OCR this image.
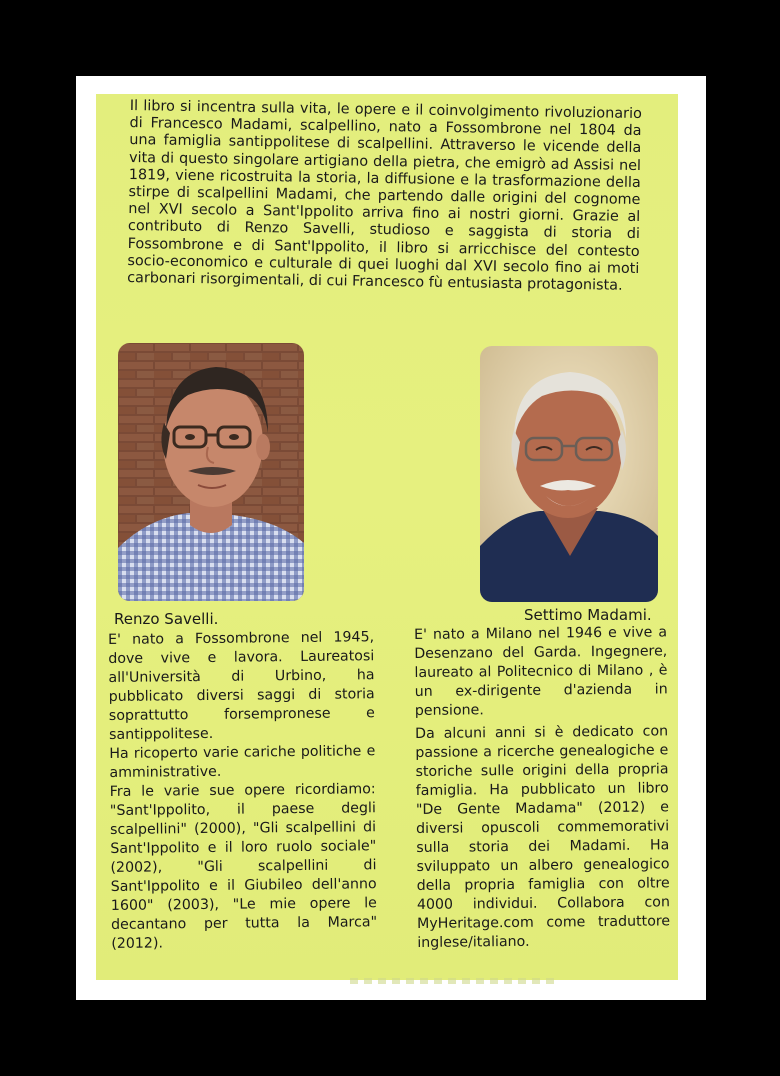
Il libro si incentra sulla vita, le opere e il coinvolgimento rivoluzionario di Francesco Madami, scalpellino, nato a Fossombrone nel 1804 da una famiglia santippolitese di scalpellini. Attraverso le vicende della vita di questo singolare artigiano della pietra, che emigrò ad Assisi nel 1819, viene ricostruita la storia, la diffusione e la trasformazione della stirpe di scalpellini Madami, che partendo dalle origini del cognome nel XVI secolo a Sant'Ippolito arriva fino ai nostri giorni. Grazie al contributo di Renzo Savelli, studioso e saggista di storia di Fossombrone e di Sant'Ippolito, il libro si arricchisce del contesto socio-economico e culturale di quei luoghi dal XVI secolo fino ai moti carbonari risorgimentali, di cui Francesco fù entusiasta protagonista.

Renzo Savelli.	Settimo Madami.

E' nato a Fossombrone nel 1945, dove vive e lavora. Laureatosi all'Università di Urbino, ha pubblicato diversi saggi di storia soprattutto forsempronese e santippolitese.

Ha ricoperto varie cariche politiche e amministrative.

Fra le varie sue opere ricordiamo: "Sant'Ippolito, il paese degli scalpellini" (2000), "Gli scalpellini di Sant'Ippolito e il loro ruolo sociale" (2002), "Gli scalpellini di Sant'Ippolito e il Giubileo dell'anno 1600" (2003), "Le mie opere le decantano per tutta la Marca" (2012).

E' nato a Milano nel 1946 e vive a Desenzano del Garda. Ingegnere, laureato al Politecnico di Milano , è un ex-dirigente d'azienda in pensione.

Da alcuni anni si è dedicato con passione a ricerche genealogiche e storiche sulle origini della propria famiglia. Ha pubblicato un libro "De Gente Madama" (2012) e diversi opuscoli commemorativi sulla storia dei Madami. Ha sviluppato un albero genealogico della propria famiglia con oltre 4000 individui. Collabora con MyHeritage.com come traduttore inglese/italiano.
